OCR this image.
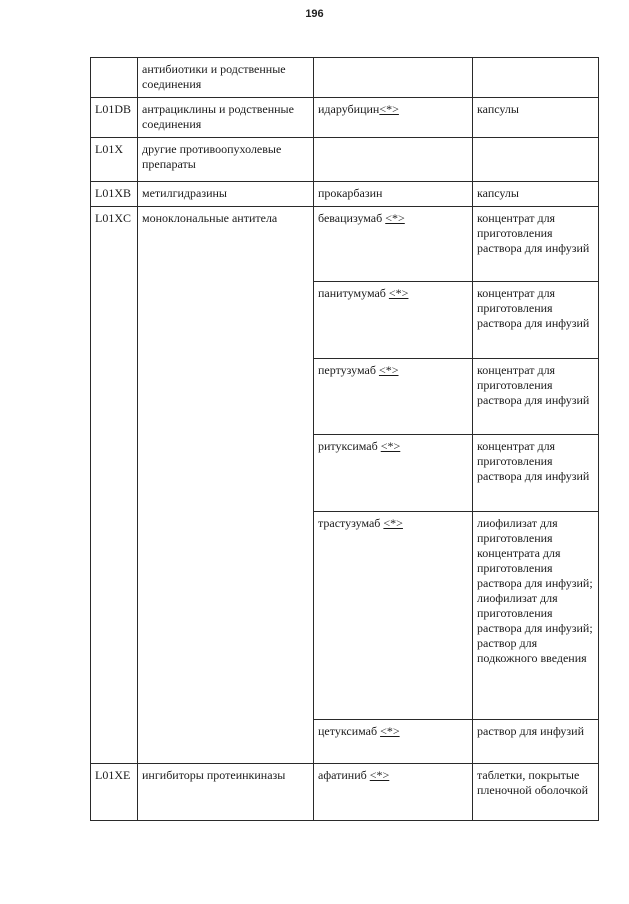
196
	антибиотики и родственные соединения		
L01DB	антрациклины и родственные соединения	идарубицин<*>	капсулы
L01X	другие противоопухолевые препараты		
L01XB	метилгидразины	прокарбазин	капсулы
L01XC	моноклональные антитела	бевацизумаб <*>	концентрат для приготовления раствора для инфузий
		панитумумаб <*>	концентрат для приготовления раствора для инфузий
		пертузумаб <*>	концентрат для приготовления раствора для инфузий
		ритуксимаб <*>	концентрат для приготовления раствора для инфузий
		трастузумаб <*>	лиофилизат для приготовления концентрата для приготовления раствора для инфузий; лиофилизат для приготовления раствора для инфузий; раствор для подкожного введения
		цетуксимаб <*>	раствор для инфузий
L01XE	ингибиторы протеинкиназы	афатиниб <*>	таблетки, покрытые пленочной оболочкой
